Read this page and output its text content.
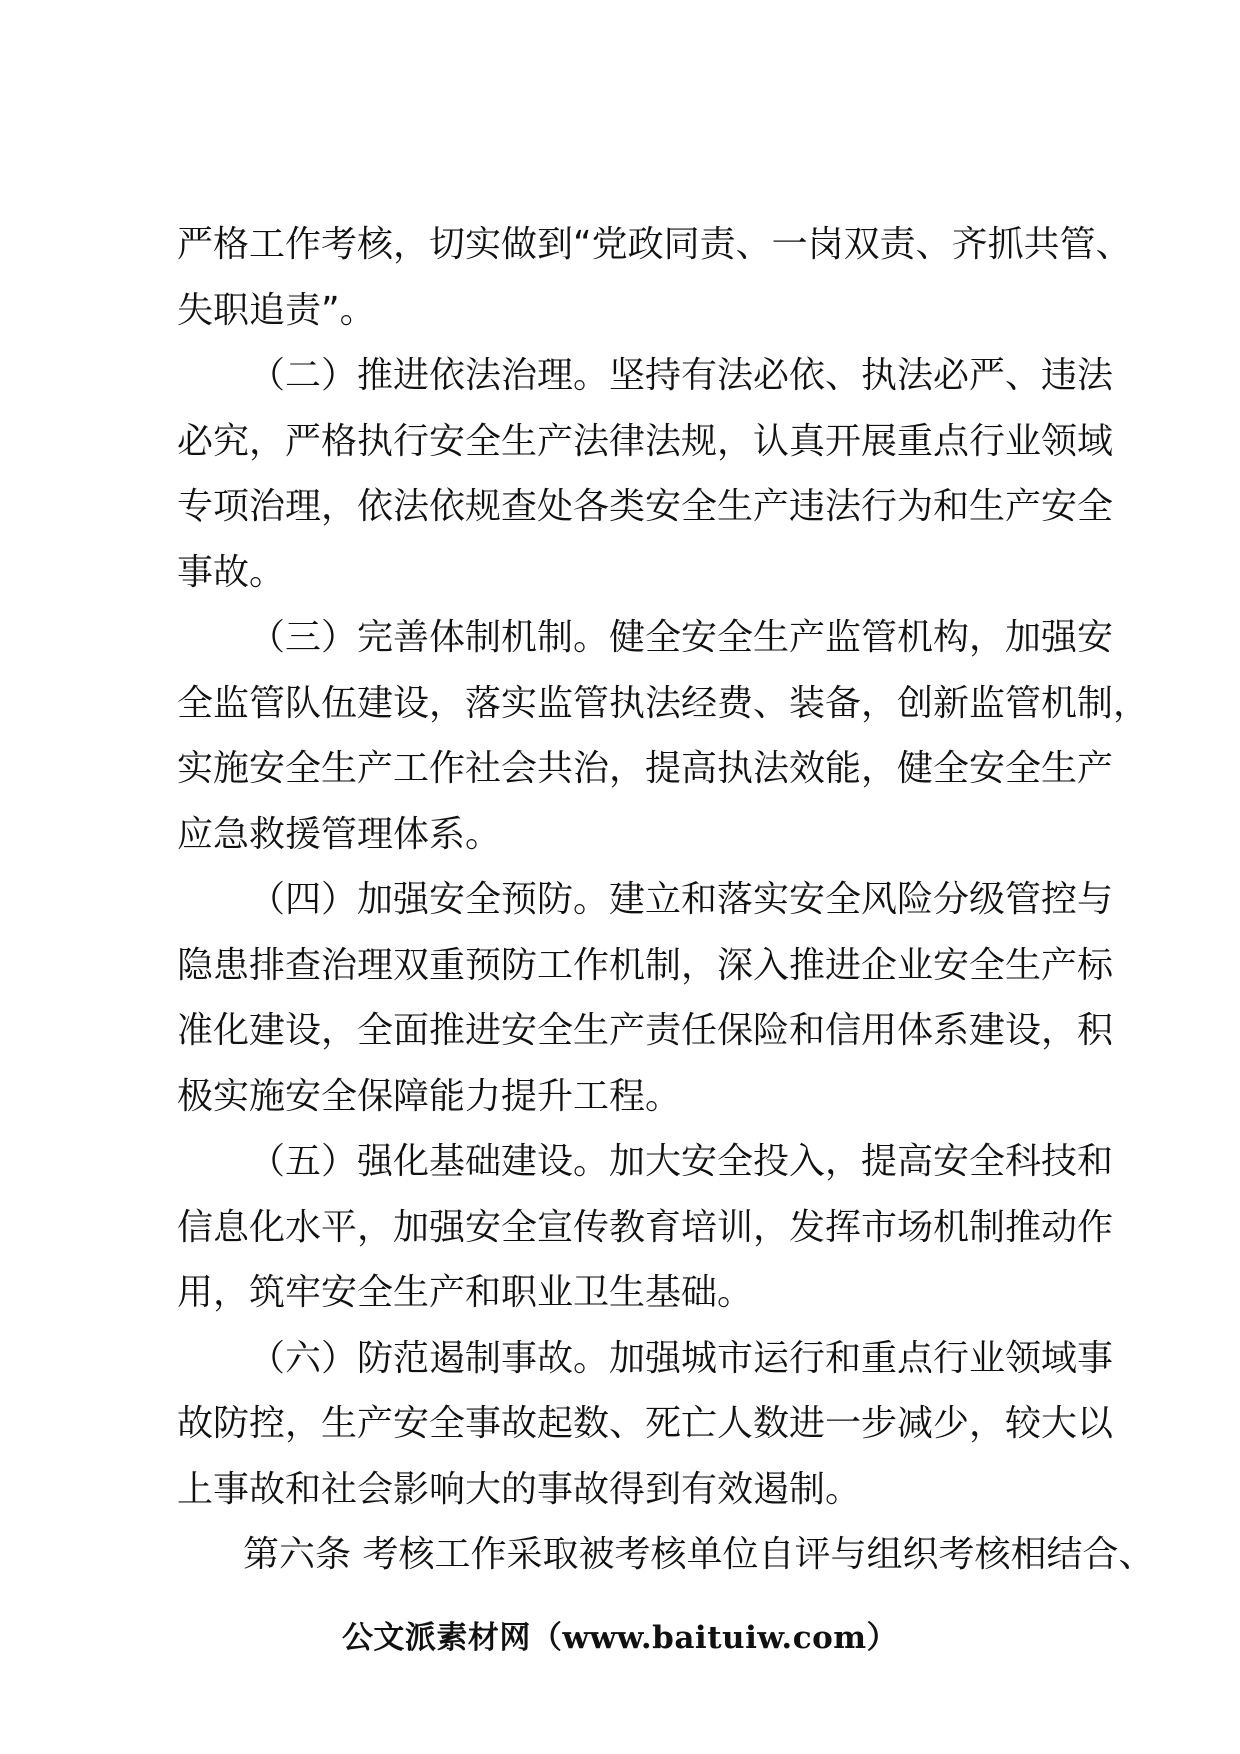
严格工作考核，切实做到“党政同责、一岗双责、齐抓共管、
失职追责”。
（二）推进依法治理。坚持有法必依、执法必严、违法
必究，严格执行安全生产法律法规，认真开展重点行业领域
专项治理，依法依规查处各类安全生产违法行为和生产安全
事故。
（三）完善体制机制。健全安全生产监管机构，加强安
全监管队伍建设，落实监管执法经费、装备，创新监管机制，
实施安全生产工作社会共治，提高执法效能，健全安全生产
应急救援管理体系。
（四）加强安全预防。建立和落实安全风险分级管控与
隐患排查治理双重预防工作机制，深入推进企业安全生产标
准化建设，全面推进安全生产责任保险和信用体系建设，积
极实施安全保障能力提升工程。
（五）强化基础建设。加大安全投入，提高安全科技和
信息化水平，加强安全宣传教育培训，发挥市场机制推动作
用，筑牢安全生产和职业卫生基础。
（六）防范遏制事故。加强城市运行和重点行业领域事
故防控，生产安全事故起数、死亡人数进一步减少，较大以
上事故和社会影响大的事故得到有效遏制。
第六条 考核工作采取被考核单位自评与组织考核相结合、
公文派素材网（www.baituiw.com）
